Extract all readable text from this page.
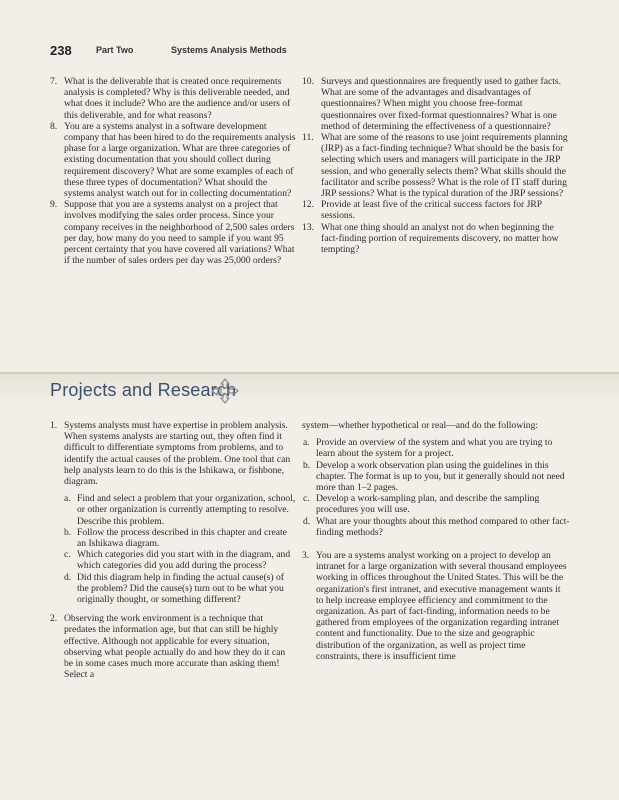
238	Part Two	Systems Analysis Methods
7. What is the deliverable that is created once requirements analysis is completed? Why is this deliverable needed, and what does it include? Who are the audience and/or users of this deliverable, and for what reasons?
8. You are a systems analyst in a software development company that has been hired to do the requirements analysis phase for a large organization. What are three categories of existing documentation that you should collect during requirement discovery? What are some examples of each of these three types of documentation? What should the systems analyst watch out for in collecting documentation?
9. Suppose that you are a systems analyst on a project that involves modifying the sales order process. Since your company receives in the neighborhood of 2,500 sales orders per day, how many do you need to sample if you want 95 percent certainty that you have covered all variations? What if the number of sales orders per day was 25,000 orders?
10. Surveys and questionnaires are frequently used to gather facts. What are some of the advantages and disadvantages of questionnaires? When might you choose free-format questionnaires over fixed-format questionnaires? What is one method of determining the effectiveness of a questionnaire?
11. What are some of the reasons to use joint requirements planning (JRP) as a fact-finding technique? What should be the basis for selecting which users and managers will participate in the JRP session, and who generally selects them? What skills should the facilitator and scribe possess? What is the role of IT staff during JRP sessions? What is the typical duration of the JRP sessions?
12. Provide at least five of the critical success factors for JRP sessions.
13. What one thing should an analyst not do when beginning the fact-finding portion of requirements discovery, no matter how tempting?
Projects and Research
1. Systems analysts must have expertise in problem analysis. When systems analysts are starting out, they often find it difficult to differentiate symptoms from problems, and to identify the actual causes of the problem. One tool that can help analysts learn to do this is the Ishikawa, or fishbone, diagram.
a. Find and select a problem that your organization, school, or other organization is currently attempting to resolve. Describe this problem.
b. Follow the process described in this chapter and create an Ishikawa diagram.
c. Which categories did you start with in the diagram, and which categories did you add during the process?
d. Did this diagram help in finding the actual cause(s) of the problem? Did the cause(s) turn out to be what you originally thought, or something different?
2. Observing the work environment is a technique that predates the information age, but that can still be highly effective. Although not applicable for every situation, observing what people actually do and how they do it can be in some cases much more accurate than asking them! Select a
system—whether hypothetical or real—and do the following:
a. Provide an overview of the system and what you are trying to learn about the system for a project.
b. Develop a work observation plan using the guidelines in this chapter. The format is up to you, but it generally should not need more than 1–2 pages.
c. Develop a work-sampling plan, and describe the sampling procedures you will use.
d. What are your thoughts about this method compared to other fact-finding methods?
3. You are a systems analyst working on a project to develop an intranet for a large organization with several thousand employees working in offices throughout the United States. This will be the organization's first intranet, and executive management wants it to help increase employee efficiency and commitment to the organization. As part of fact-finding, information needs to be gathered from employees of the organization regarding intranet content and functionality. Due to the size and geographic distribution of the organization, as well as project time constraints, there is insufficient time
